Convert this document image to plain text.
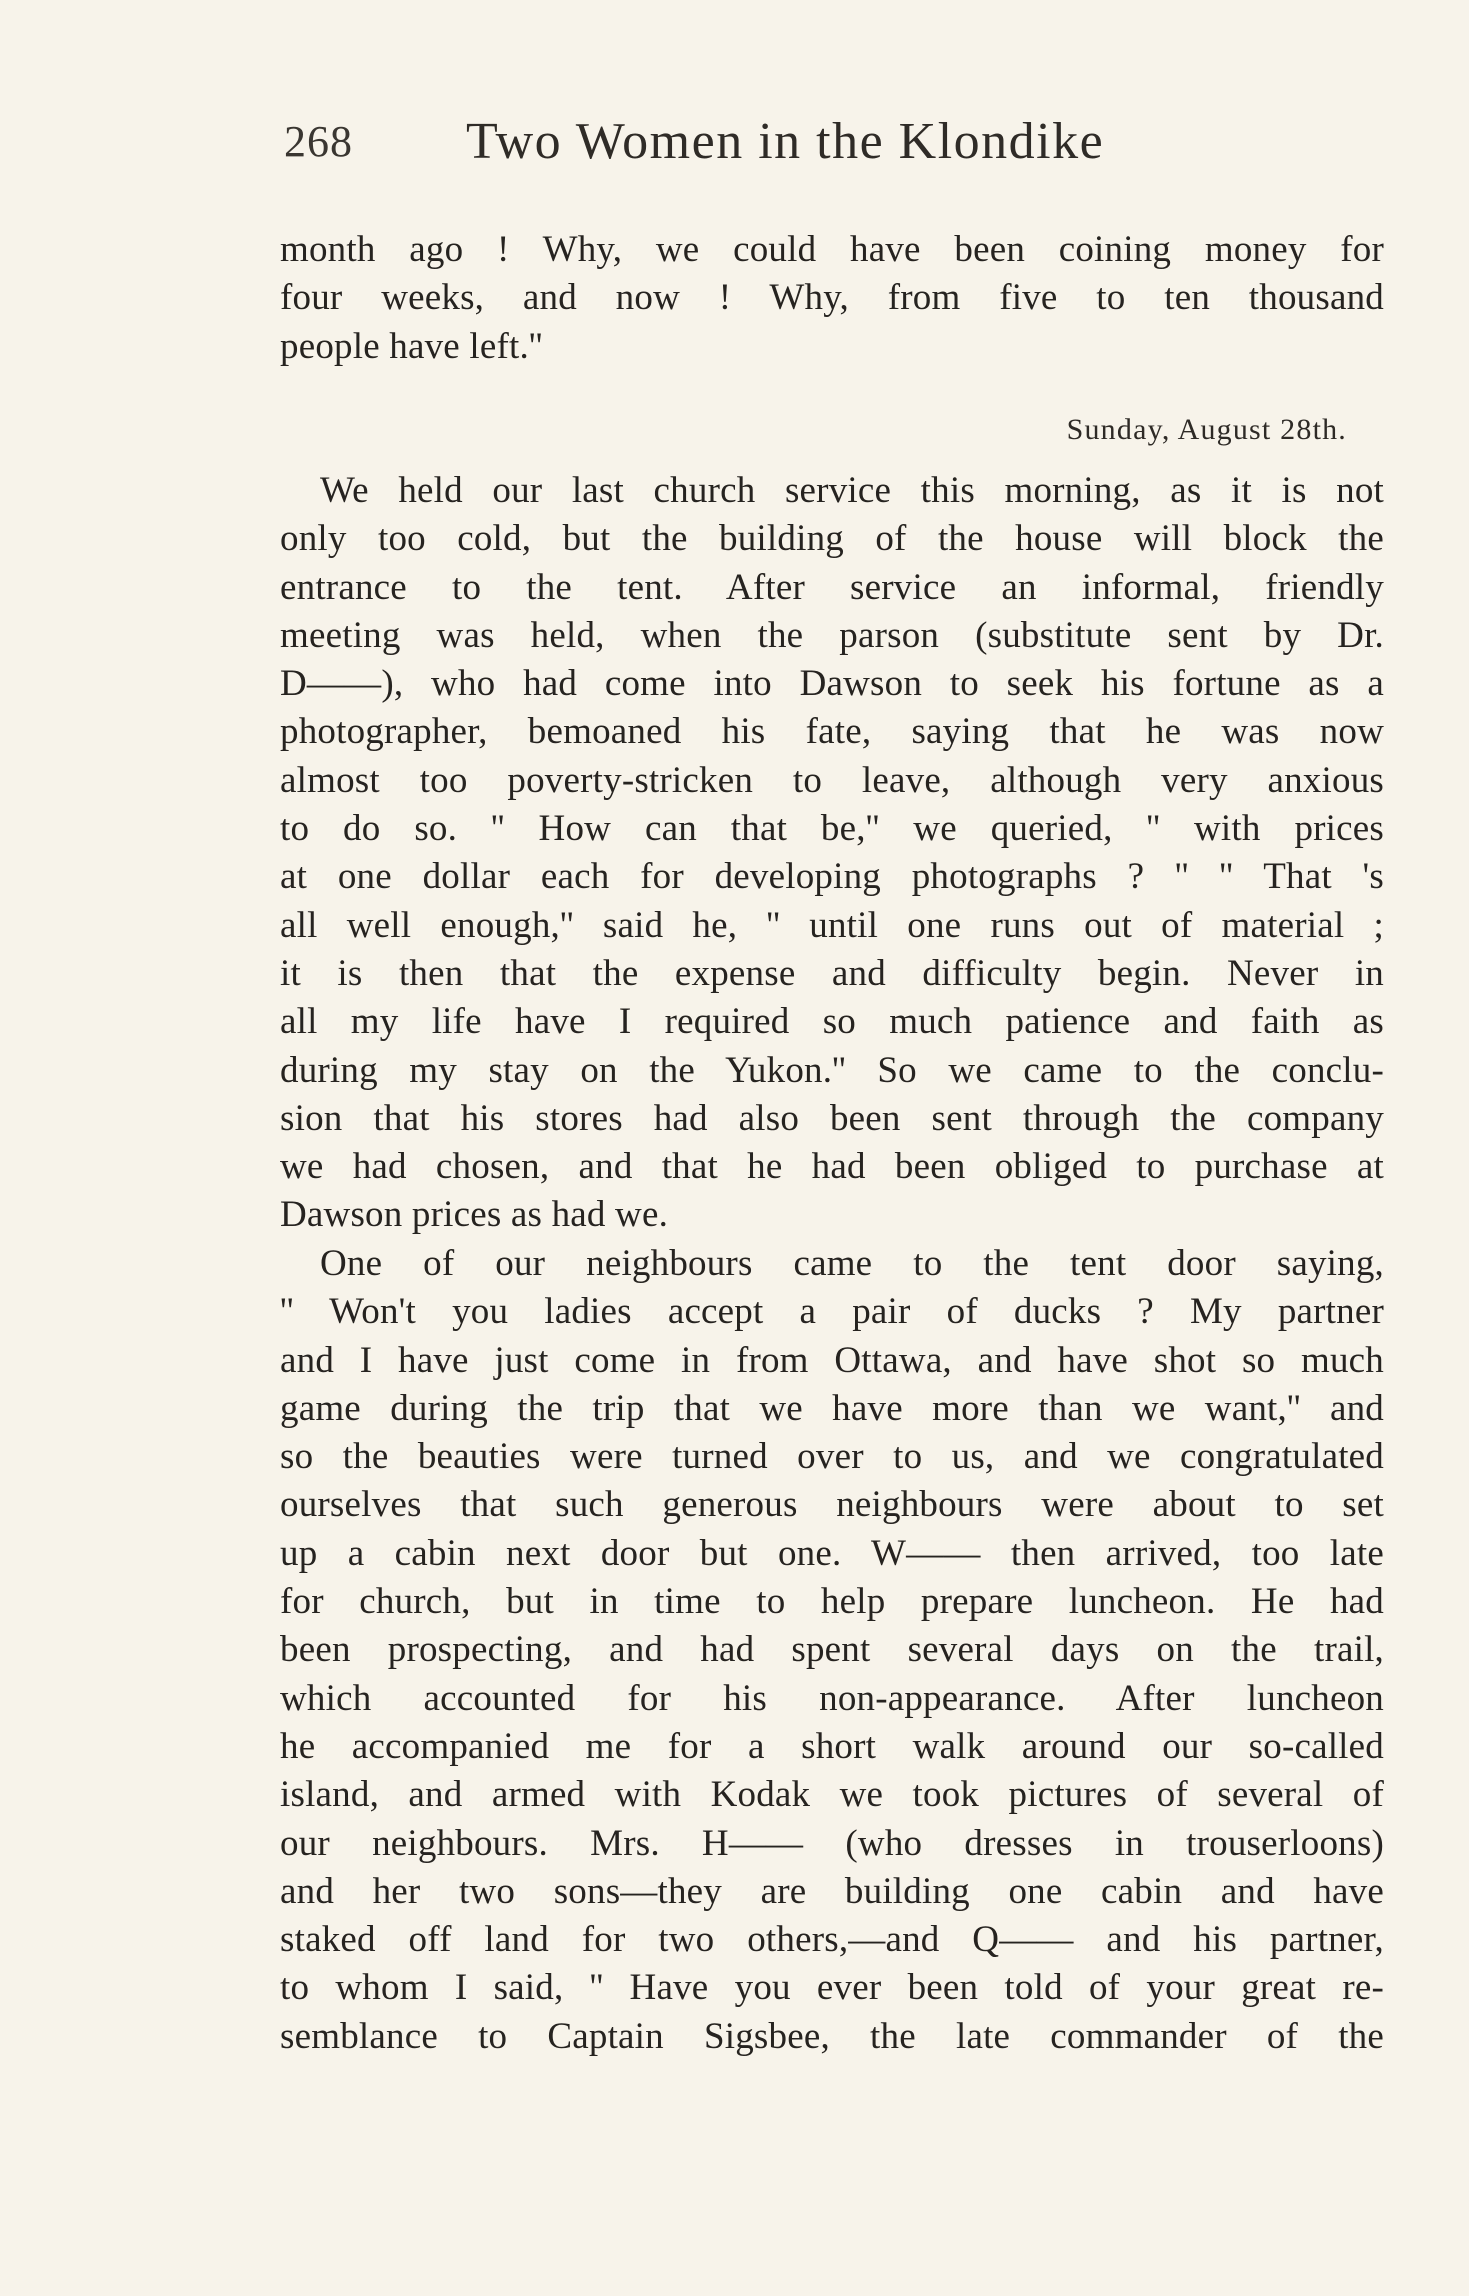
268 Two Women in the Klondike
month ago ! Why, we could have been coining money for
four weeks, and now ! Why, from five to ten thousand
people have left.''
Sunday, August 28th.
We held our last church service this morning, as it is not
only too cold, but the building of the house will block the
entrance to the tent. After service an informal, friendly
meeting was held, when the parson (substitute sent by Dr.
D——), who had come into Dawson to seek his fortune as a
photographer, bemoaned his fate, saying that he was now
almost too poverty-stricken to leave, although very anxious
to do so. '' How can that be,'' we queried, '' with prices
at one dollar each for developing photographs ? '' '' That 's
all well enough,'' said he, '' until one runs out of material ;
it is then that the expense and difficulty begin. Never in
all my life have I required so much patience and faith as
during my stay on the Yukon.'' So we came to the conclu-
sion that his stores had also been sent through the company
we had chosen, and that he had been obliged to purchase at
Dawson prices as had we.
One of our neighbours came to the tent door saying,
'' Won't you ladies accept a pair of ducks ? My partner
and I have just come in from Ottawa, and have shot so much
game during the trip that we have more than we want,'' and
so the beauties were turned over to us, and we congratulated
ourselves that such generous neighbours were about to set
up a cabin next door but one. W—— then arrived, too late
for church, but in time to help prepare luncheon. He had
been prospecting, and had spent several days on the trail,
which accounted for his non-appearance. After luncheon
he accompanied me for a short walk around our so-called
island, and armed with Kodak we took pictures of several of
our neighbours. Mrs. H—— (who dresses in trouserloons)
and her two sons—they are building one cabin and have
staked off land for two others,—and Q—— and his partner,
to whom I said, '' Have you ever been told of your great re-
semblance to Captain Sigsbee, the late commander of the
